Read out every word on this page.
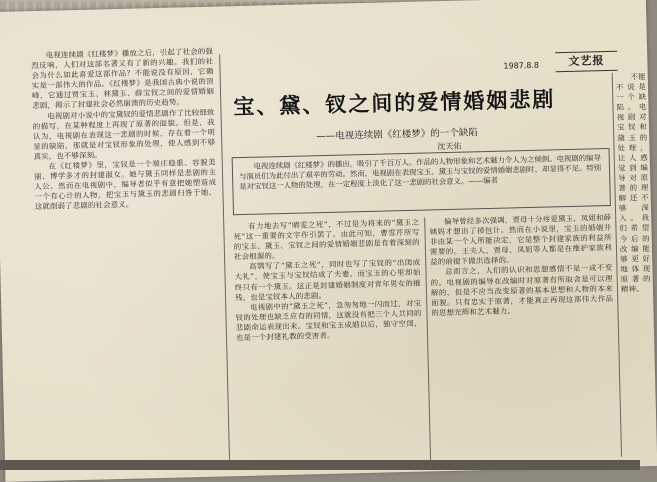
电视连续剧《红楼梦》播放之后，引起了社会的强烈反响，人们对这部名著又有了新的兴趣。我们的社会为什么如此喜爱这部作品？不能说没有原因，它确实是一部伟大的作品。《红楼梦》是我国古典小说的顶峰，它通过贾宝玉、林黛玉、薛宝钗之间的爱情婚姻悲剧，揭示了封建社会必然崩溃的历史趋势。

电视剧对小说中的宝黛钗的爱情悲剧作了比较细致的描写，在某种程度上再现了原著的面貌。但是，我认为，电视剧在表现这一悲剧的时候，存在着一个明显的缺陷，那就是对宝钗形象的处理，使人感到不够真实，也不够深刻。

在《红楼梦》里，宝钗是一个端庄稳重、容貌美丽、博学多才的封建淑女。她与黛玉同样是悲剧的主人公。然而在电视剧中，编导者似乎有意把她塑造成一个有心计的人物，把宝玉与黛玉的悲剧归咎于她，这就削弱了悲剧的社会意义。

1987.8.8	文艺报
宝、黛、钗之间的爱情婚姻悲剧
——电视连续剧《红楼梦》的一个缺陷
沈天佑

电视连续剧《红楼梦》的播出，吸引了千百万人。作品的人物形象和艺术魅力令人为之倾倒。电视剧的编导与演员们为此付出了艰辛的劳动。然而，电视剧在表现宝玉、黛玉与宝钗的爱情婚姻悲剧时，却显得不足。特别是对宝钗这一人物的处理，在一定程度上淡化了这一悲剧的社会意义。——编者

有力地去写“晴雯之死”，不过是为将来的“黛玉之死”这一重要的文字作引罢了。由此可知，曹雪芹所写的宝玉、黛玉、宝钗之间的爱情婚姻悲剧是有着深刻的社会根源的。

高鹗写了“黛玉之死”，同时也写了宝钗的“出闺成大礼”，使宝玉与宝钗结成了夫妻。而宝玉的心里却始终只有一个黛玉。这正是封建婚姻制度对青年男女的摧残，也是宝钗本人的悲剧。

电视剧中的“黛玉之死”，急匆匆地一闪而过，对宝钗的处理也缺乏应有的同情，这就没有把三个人共同的悲剧命运表现出来。宝钗和宝玉成婚以后，独守空闺，也是一个封建礼教的受害者。

偏导曾经多次强调，贾母十分疼爱黛玉，凤姐和薛姨妈才想出了掉包计。然而在小说里，宝玉的婚姻并非由某一个人所能决定，它是整个封建家族的利益所需要的。王夫人、贾母、凤姐等人都是在维护家族利益的前提下做出选择的。

总而言之，人们的认识和思想感情不是一成不变的。电视剧的编导在改编时对原著有所取舍是可以理解的，但是不应当改变原著的基本思想和人物的本来面貌。只有忠实于原著，才能真正再现这部伟大作品的思想光辉和艺术魅力。

不能不说是一个缺陷。电视剧对宝钗和黛玉的处理，让人感觉到编导对原著的理解还不够深入。我们希望今后的改编能够更好地体现原著的精神。
